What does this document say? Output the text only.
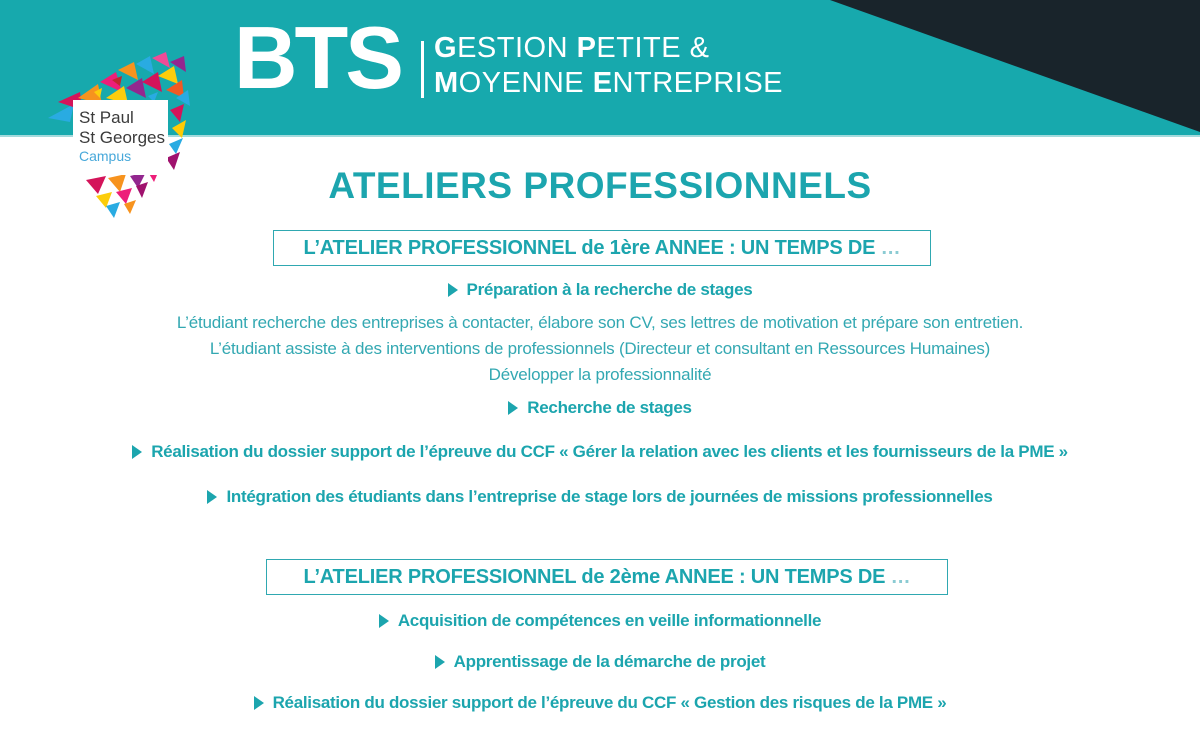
BTS GESTION PETITE &
MOYENNE ENTREPRISE
St Paul
St Georges
Campus
ATELIERS PROFESSIONNELS
L’ATELIER PROFESSIONNEL de 1ère ANNEE : UN TEMPS DE …
Préparation à la recherche de stages
L’étudiant recherche des entreprises à contacter, élabore son CV, ses lettres de motivation et prépare son entretien.
L’étudiant assiste à des interventions de professionnels (Directeur et consultant en Ressources Humaines)
Développer la professionnalité
Recherche de stages
Réalisation du dossier support de l’épreuve du CCF « Gérer la relation avec les clients et les fournisseurs de la PME »
Intégration des étudiants dans l’entreprise de stage lors de journées de missions professionnelles
L’ATELIER PROFESSIONNEL de 2ème ANNEE : UN TEMPS DE …
Acquisition de compétences en veille informationnelle
Apprentissage de la démarche de projet
Réalisation du dossier support de l’épreuve du CCF « Gestion des risques de la PME »
